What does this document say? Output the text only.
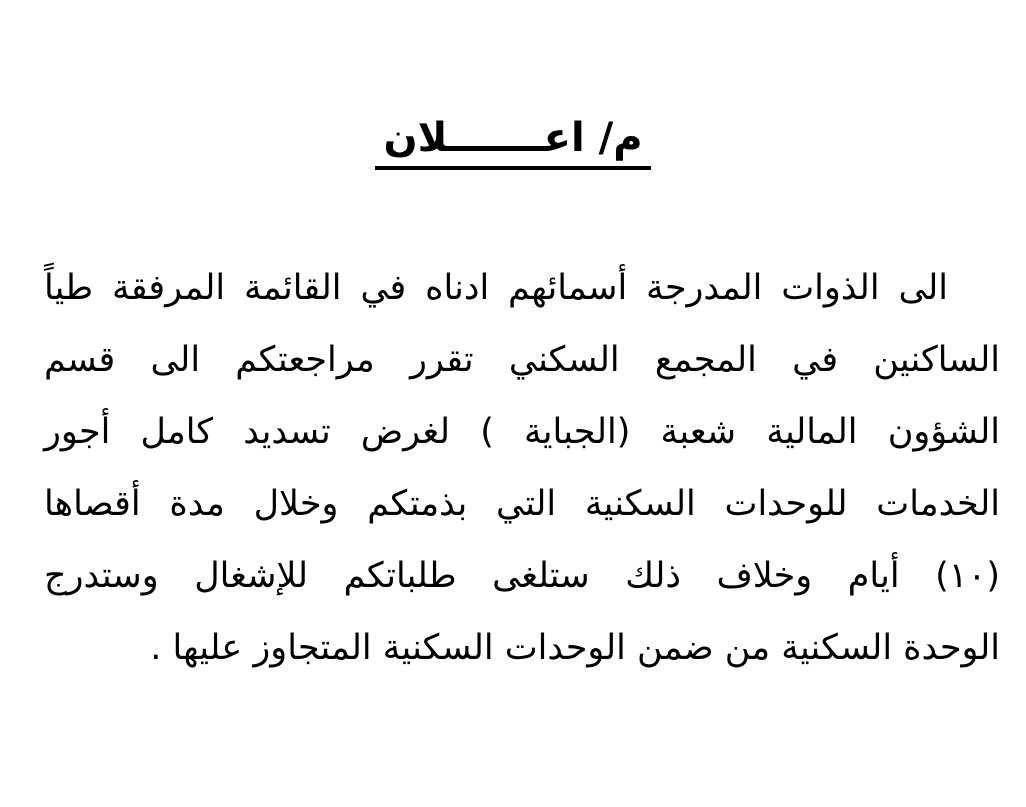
م/ اعـــــــلان
الى الذوات المدرجة أسمائهم ادناه في القائمة المرفقة طياً
الساكنين في المجمع السكني تقرر مراجعتكم الى قسم
الشؤون المالية شعبة (الجباية ) لغرض تسديد كامل أجور
الخدمات للوحدات السكنية التي بذمتكم وخلال مدة أقصاها
(١٠) أيام وخلاف ذلك ستلغى طلباتكم للإشغال وستدرج
الوحدة السكنية من ضمن الوحدات السكنية المتجاوز عليها .
